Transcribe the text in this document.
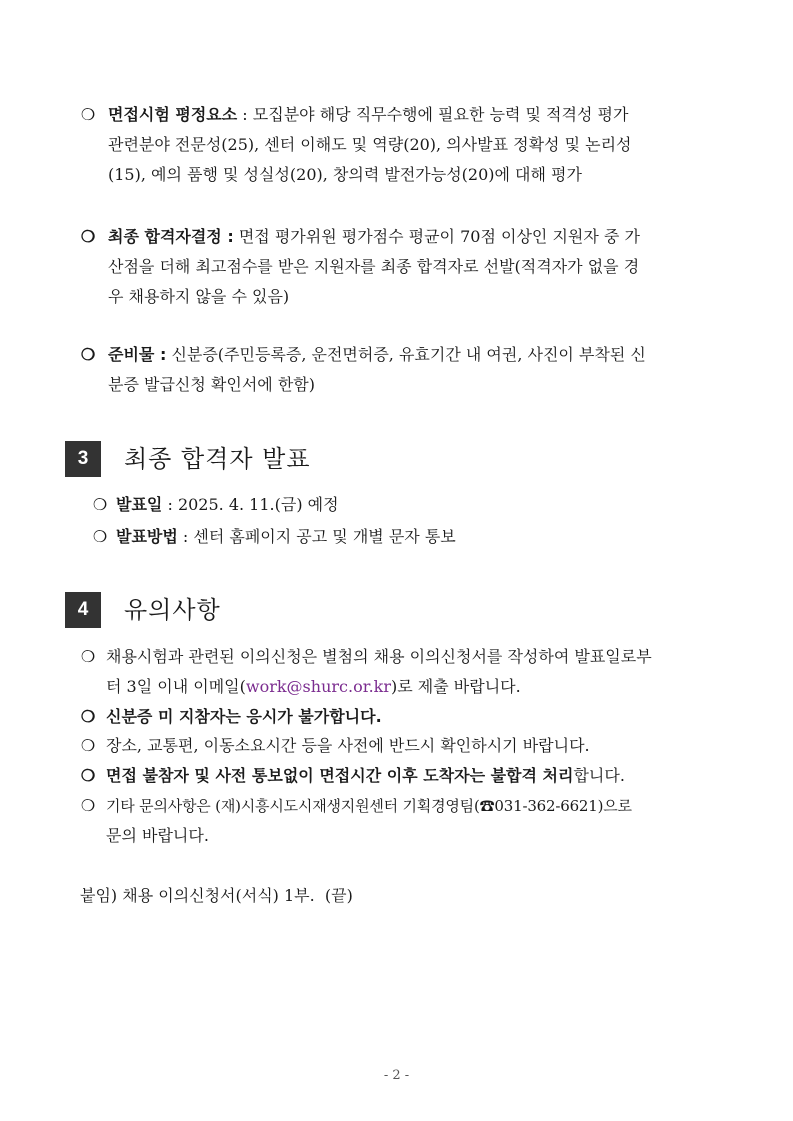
❍ 면접시험 평정요소 : 모집분야 해당 직무수행에 필요한 능력 및 적격성 평가
관련분야 전문성(25), 센터 이해도 및 역량(20), 의사발표 정확성 및 논리성
(15), 예의 품행 및 성실성(20), 창의력 발전가능성(20)에 대해 평가
❍ 최종 합격자결정 : 면접 평가위원 평가점수 평균이 70점 이상인 지원자 중 가
산점을 더해 최고점수를 받은 지원자를 최종 합격자로 선발(적격자가 없을 경
우 채용하지 않을 수 있음)
❍ 준비물 : 신분증(주민등록증, 운전면허증, 유효기간 내 여권, 사진이 부착된 신
분증 발급신청 확인서에 한함)
3	최종 합격자 발표
❍ 발표일 : 2025. 4. 11.(금) 예정
❍ 발표방법 : 센터 홈페이지 공고 및 개별 문자 통보
4	유의사항
❍ 채용시험과 관련된 이의신청은 별첨의 채용 이의신청서를 작성하여 발표일로부
터 3일 이내 이메일(work@shurc.or.kr)로 제출 바랍니다.
❍ 신분증 미 지참자는 응시가 불가합니다.
❍ 장소, 교통편, 이동소요시간 등을 사전에 반드시 확인하시기 바랍니다.
❍ 면접 불참자 및 사전 통보없이 면접시간 이후 도착자는 불합격 처리합니다.
❍ 기타 문의사항은 (재)시흥시도시재생지원센터 기획경영팀(☎031-362-6621)으로
문의 바랍니다.
붙임) 채용 이의신청서(서식) 1부.  (끝)
- 2 -
